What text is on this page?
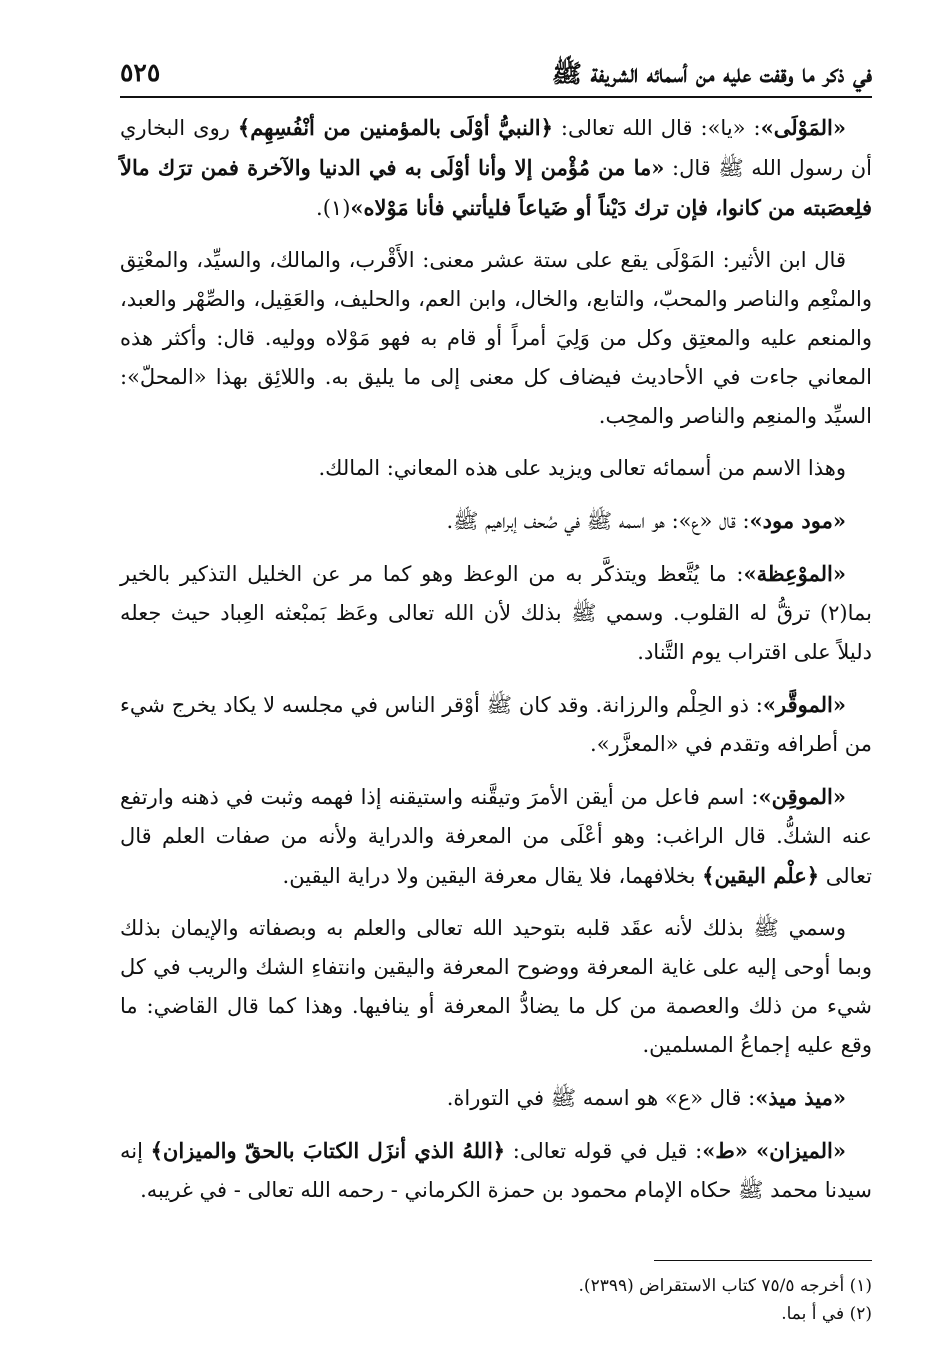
في ذكر ما وقفت عليه من أسمائه الشريفة ﷺ
٥٢٥

«المَوْلَى»: «يا»: قال الله تعالى: ﴿النبيُّ أوْلَى بالمؤمنين من أنْفُسِهِم﴾ روى البخاري أن رسول الله ﷺ قال: «ما من مُؤْمن إلا وأنا أوْلَى به في الدنيا والآخرة فمن ترَك مالاً فلِعصَبته من كانوا، فإن ترك دَيْناً أو ضَياعاً فليأتني فأنا مَوْلاه»(١).

قال ابن الأثير: المَوْلَى يقع على ستة عشر معنى: الأَقْرب، والمالك، والسيِّد، والمعْتِق والمنْعِم والناصر والمحبّ، والتابع، والخال، وابن العم، والحليف، والعَقِيل، والصِّهْر والعبد، والمنعم عليه والمعتِق وكل من وَلِيَ أمراً أو قام به فهو مَوْلاه ووليه. قال: وأكثر هذه المعاني جاءت في الأحاديث فيضاف كل معنى إلى ما يليق به. واللائِق بهذا «المحلّ»: السيِّد والمنعِم والناصر والمحِب.

وهذا الاسم من أسمائه تعالى ويزيد على هذه المعاني: المالك.

«مود مود»: قال «ع»: هو اسمه ﷺ في صُحف إبراهيم ﷺ.

«الموْعِظة»: ما يُتَّعظ ويتذكَّر به من الوعظ وهو كما مر عن الخليل التذكير بالخير بما(٢) ترقُّ له القلوب. وسمي ﷺ بذلك لأن الله تعالى وعَظ بَمبْعثه العِباد حيث جعله دليلاً على اقتراب يوم التَّناد.

«الموقَّر»: ذو الحِلْم والرزانة. وقد كان ﷺ أوْقر الناس في مجلسه لا يكاد يخرج شيء من أطرافه وتقدم في «المعزَّر».

«الموقِن»: اسم فاعل من أيقن الأمرَ وتيقَّنه واستيقنه إذا فهمه وثبت في ذهنه وارتفع عنه الشكُّ. قال الراغب: وهو أعْلَى من المعرفة والدراية ولأنه من صفات العلم قال تعالى ﴿علْم اليقين﴾ بخلافهما، فلا يقال معرفة اليقين ولا دراية اليقين.

وسمي ﷺ بذلك لأنه عقَد قلبه بتوحيد الله تعالى والعلم به وبصفاته والإيمان بذلك وبما أوحى إليه على غاية المعرفة ووضوح المعرفة واليقين وانتفاءِ الشك والريب في كل شيء من ذلك والعصمة من كل ما يضادُّ المعرفة أو ينافيها. وهذا كما قال القاضي: ما وقع عليه إجماعُ المسلمين.

«ميذ ميذ»: قال «ع» هو اسمه ﷺ في التوراة.

«الميزان» «ط»: قيل في قوله تعالى: ﴿اللهُ الذي أنزَل الكتابَ بالحقّ والميزان﴾ إنه سيدنا محمد ﷺ حكاه الإمام محمود بن حمزة الكرماني - رحمه الله تعالى - في غريبه.

(١) أخرجه ٧٥/٥ كتاب الاستقراض (٢٣٩٩).

(٢) في أ بما.
